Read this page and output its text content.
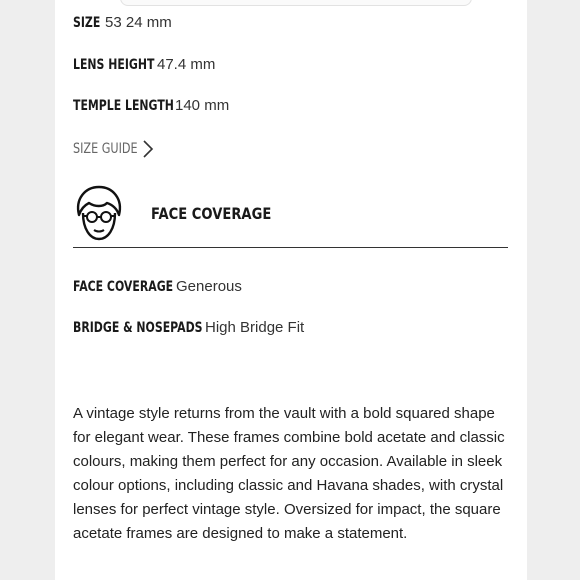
SIZE 53 24 mm
LENS HEIGHT 47.4 mm
TEMPLE LENGTH 140 mm
SIZE GUIDE
FACE COVERAGE
FACE COVERAGE Generous
BRIDGE & NOSEPADS High Bridge Fit

A vintage style returns from the vault with a bold squared shape for elegant wear. These frames combine bold acetate and classic colours, making them perfect for any occasion. Available in sleek colour options, including classic and Havana shades, with crystal lenses for perfect vintage style. Oversized for impact, the square acetate frames are designed to make a statement.
